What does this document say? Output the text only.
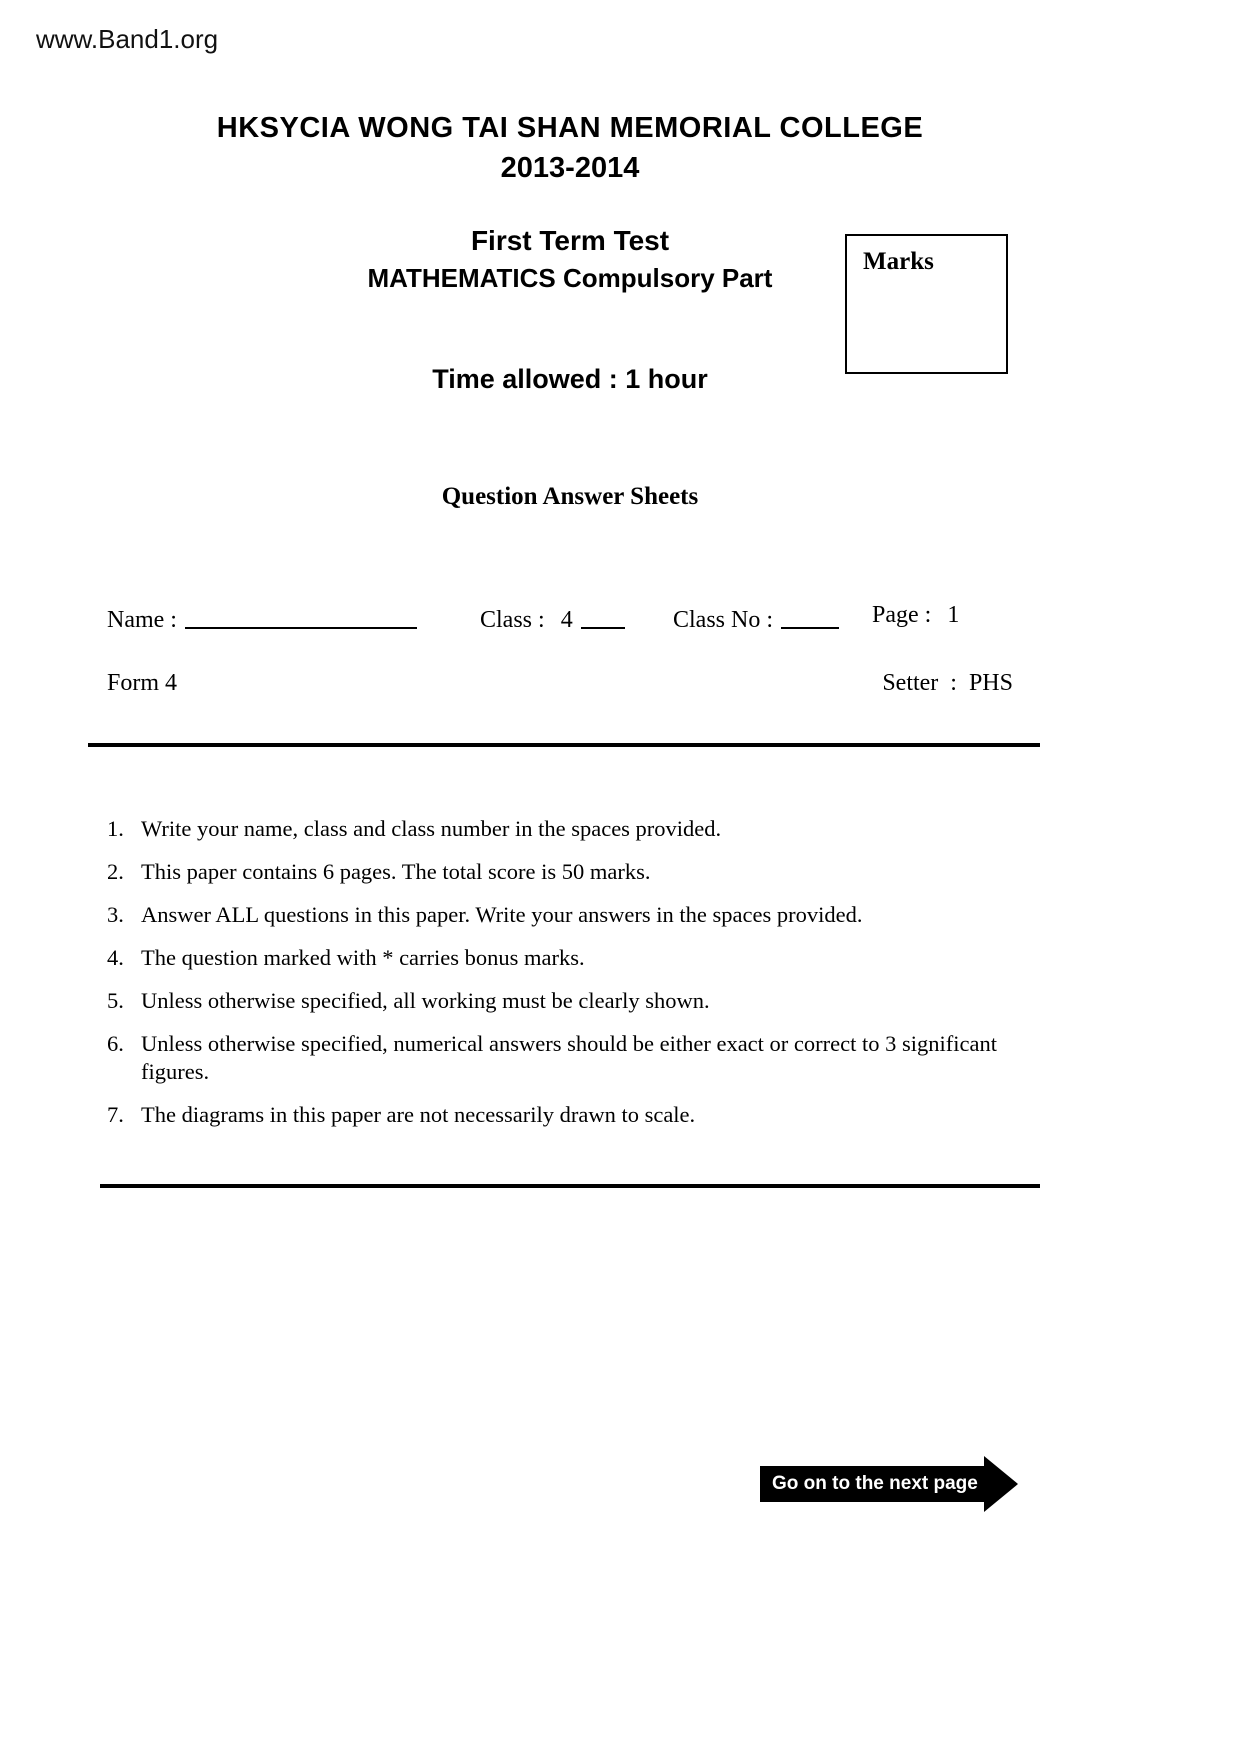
www.Band1.org
HKSYCIA WONG TAI SHAN MEMORIAL COLLEGE
2013-2014
First Term Test
MATHEMATICS Compulsory Part
Time allowed : 1 hour
Question Answer Sheets
Marks
Name :	Class : 4	Class No :	Page : 1
Form 4	Setter  :  PHS
1. Write your name, class and class number in the spaces provided.
2. This paper contains 6 pages. The total score is 50 marks.
3. Answer ALL questions in this paper. Write your answers in the spaces provided.
4. The question marked with * carries bonus marks.
5. Unless otherwise specified, all working must be clearly shown.
6. Unless otherwise specified, numerical answers should be either exact or correct to 3 significant figures.
7. The diagrams in this paper are not necessarily drawn to scale.
Go on to the next page
